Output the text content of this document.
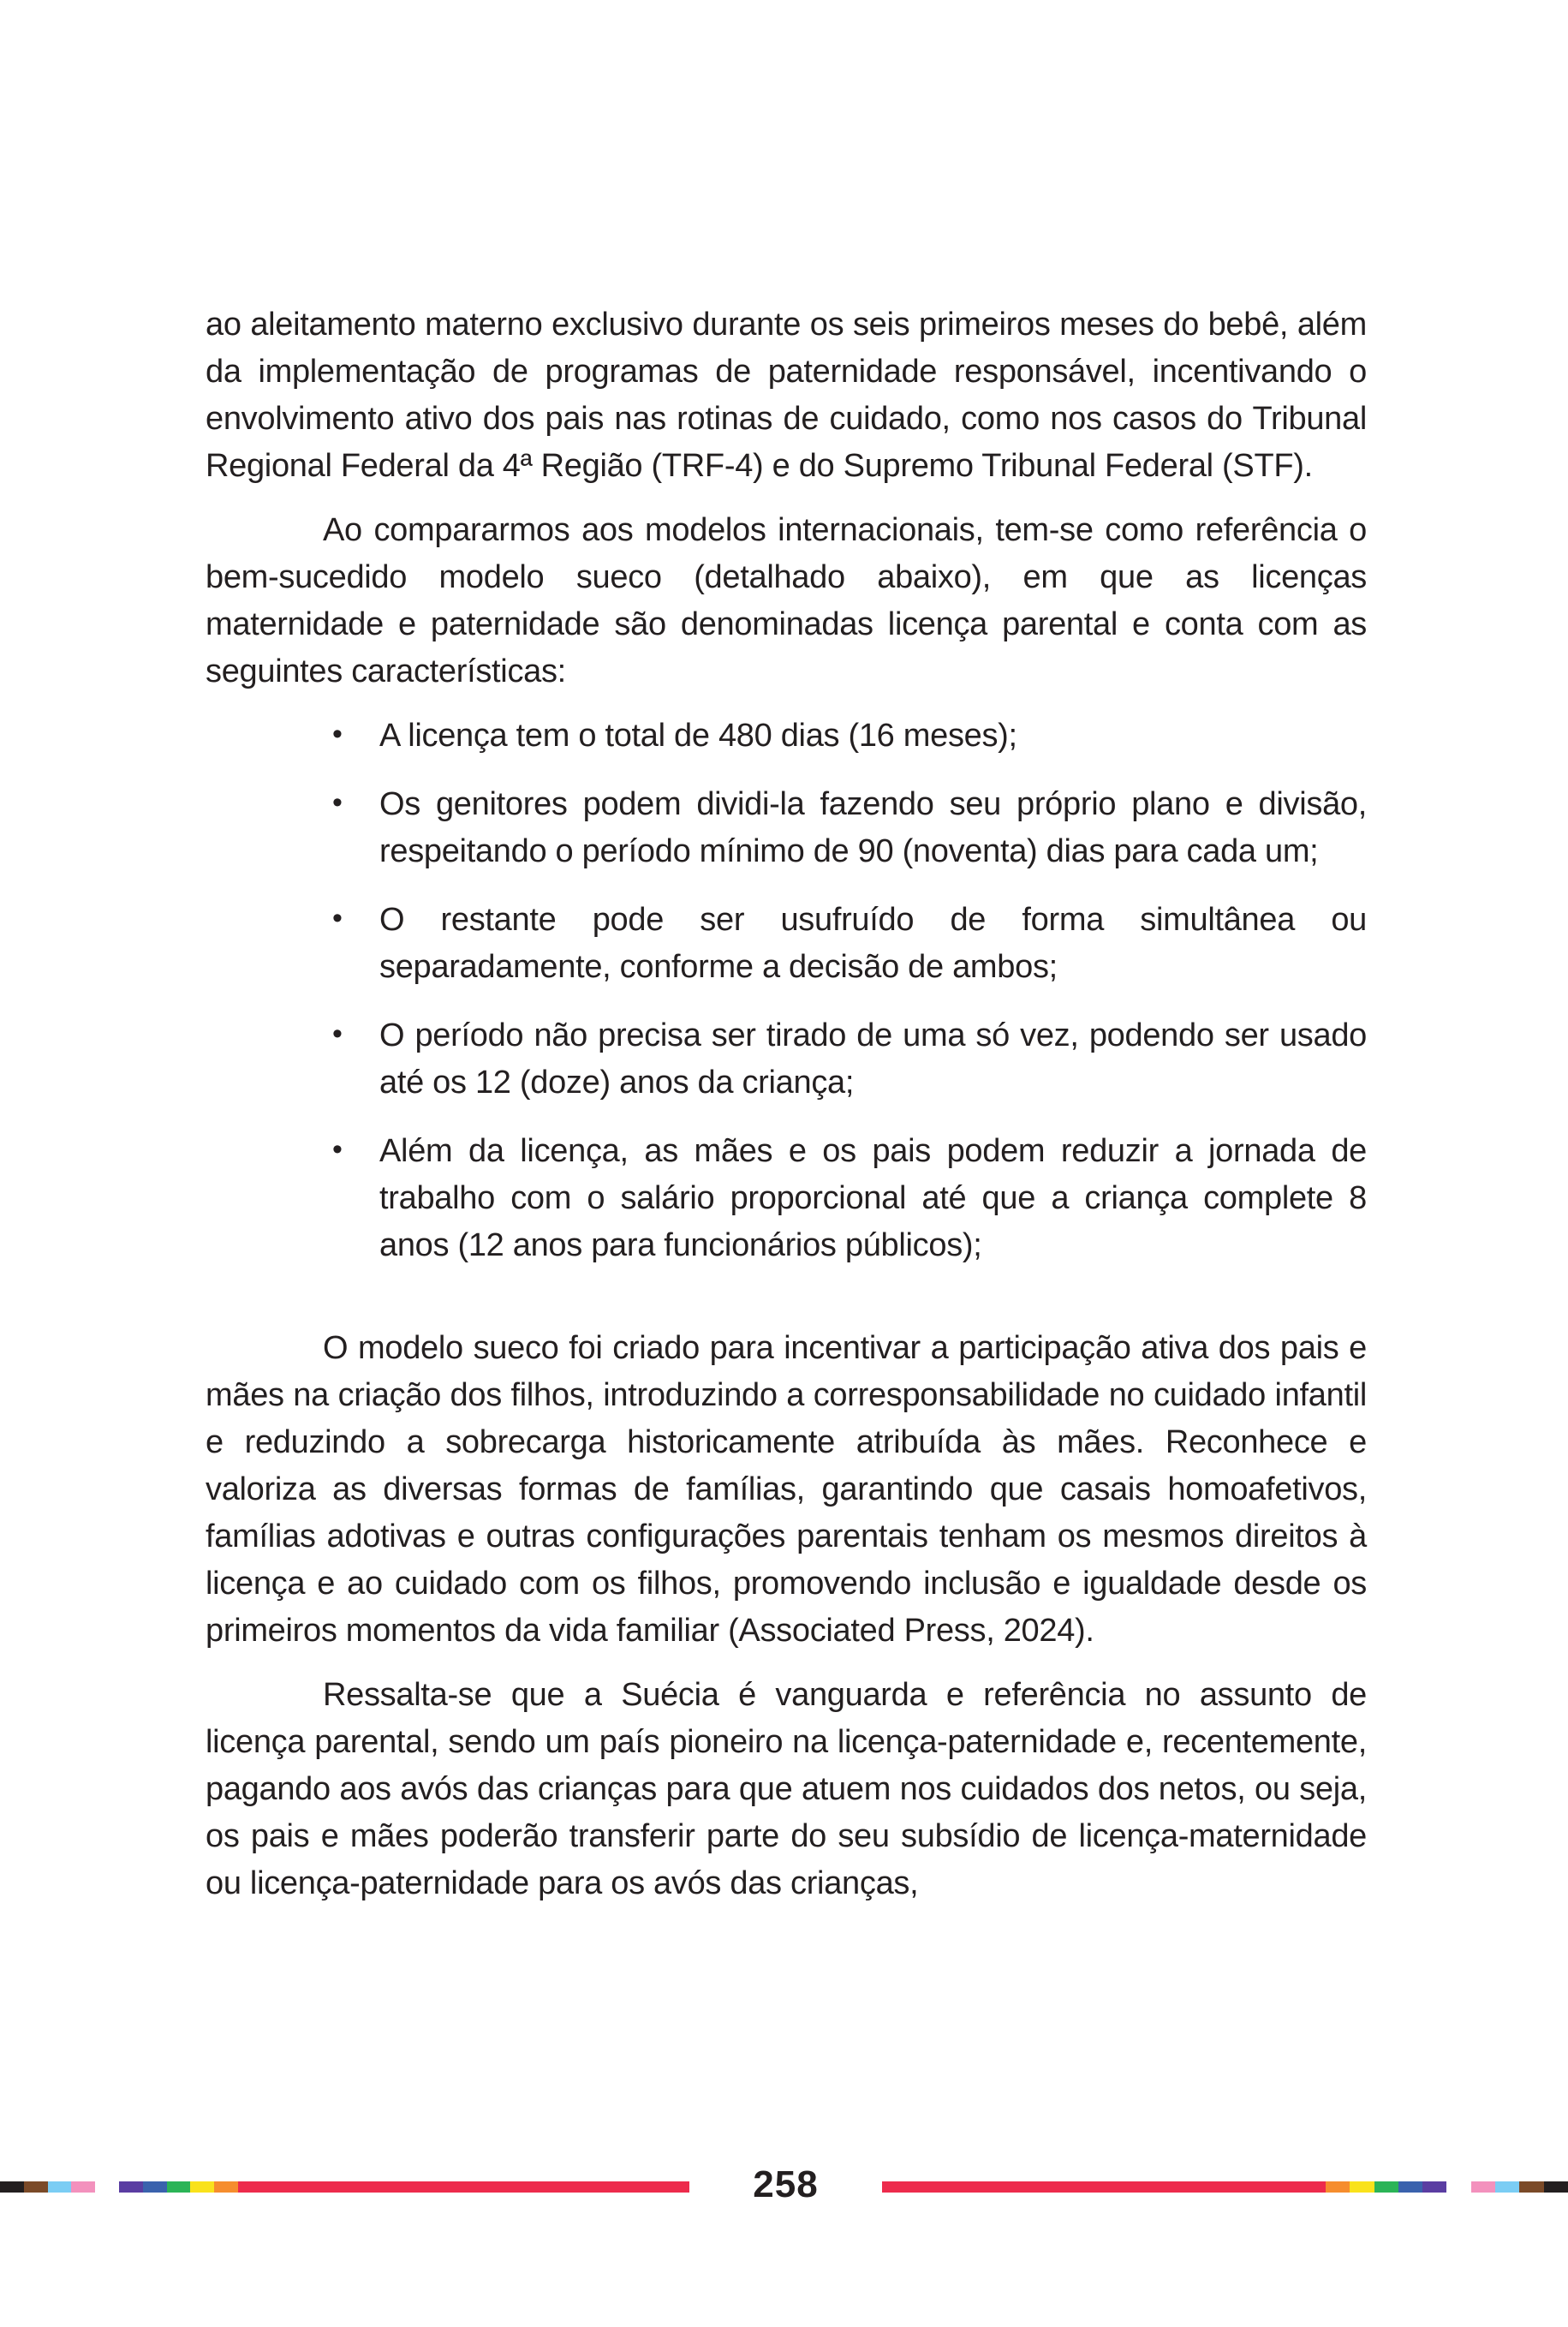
ao aleitamento materno exclusivo durante os seis primeiros meses do bebê, além da implementação de programas de paternidade responsável, incentivando o envolvimento ativo dos pais nas rotinas de cuidado, como nos casos do Tribunal Regional Federal da 4ª Região (TRF-4) e do Supremo Tribunal Federal (STF).

Ao compararmos aos modelos internacionais, tem-se como referência o bem-sucedido modelo sueco (detalhado abaixo), em que as licenças maternidade e paternidade são denominadas licença parental e conta com as seguintes características:

• A licença tem o total de 480 dias (16 meses);
• Os genitores podem dividi-la fazendo seu próprio plano e divisão, respeitando o período mínimo de 90 (noventa) dias para cada um;
• O restante pode ser usufruído de forma simultânea ou separadamente, conforme a decisão de ambos;
• O período não precisa ser tirado de uma só vez, podendo ser usado até os 12 (doze) anos da criança;
• Além da licença, as mães e os pais podem reduzir a jornada de trabalho com o salário proporcional até que a criança complete 8 anos (12 anos para funcionários públicos);

O modelo sueco foi criado para incentivar a participação ativa dos pais e mães na criação dos filhos, introduzindo a corresponsabilidade no cuidado infantil e reduzindo a sobrecarga historicamente atribuída às mães. Reconhece e valoriza as diversas formas de famílias, garantindo que casais homoafetivos, famílias adotivas e outras configurações parentais tenham os mesmos direitos à licença e ao cuidado com os filhos, promovendo inclusão e igualdade desde os primeiros momentos da vida familiar (Associated Press, 2024).

Ressalta-se que a Suécia é vanguarda e referência no assunto de licença parental, sendo um país pioneiro na licença-paternidade e, recentemente, pagando aos avós das crianças para que atuem nos cuidados dos netos, ou seja, os pais e mães poderão transferir parte do seu subsídio de licença-maternidade ou licença-paternidade para os avós das crianças,

258
